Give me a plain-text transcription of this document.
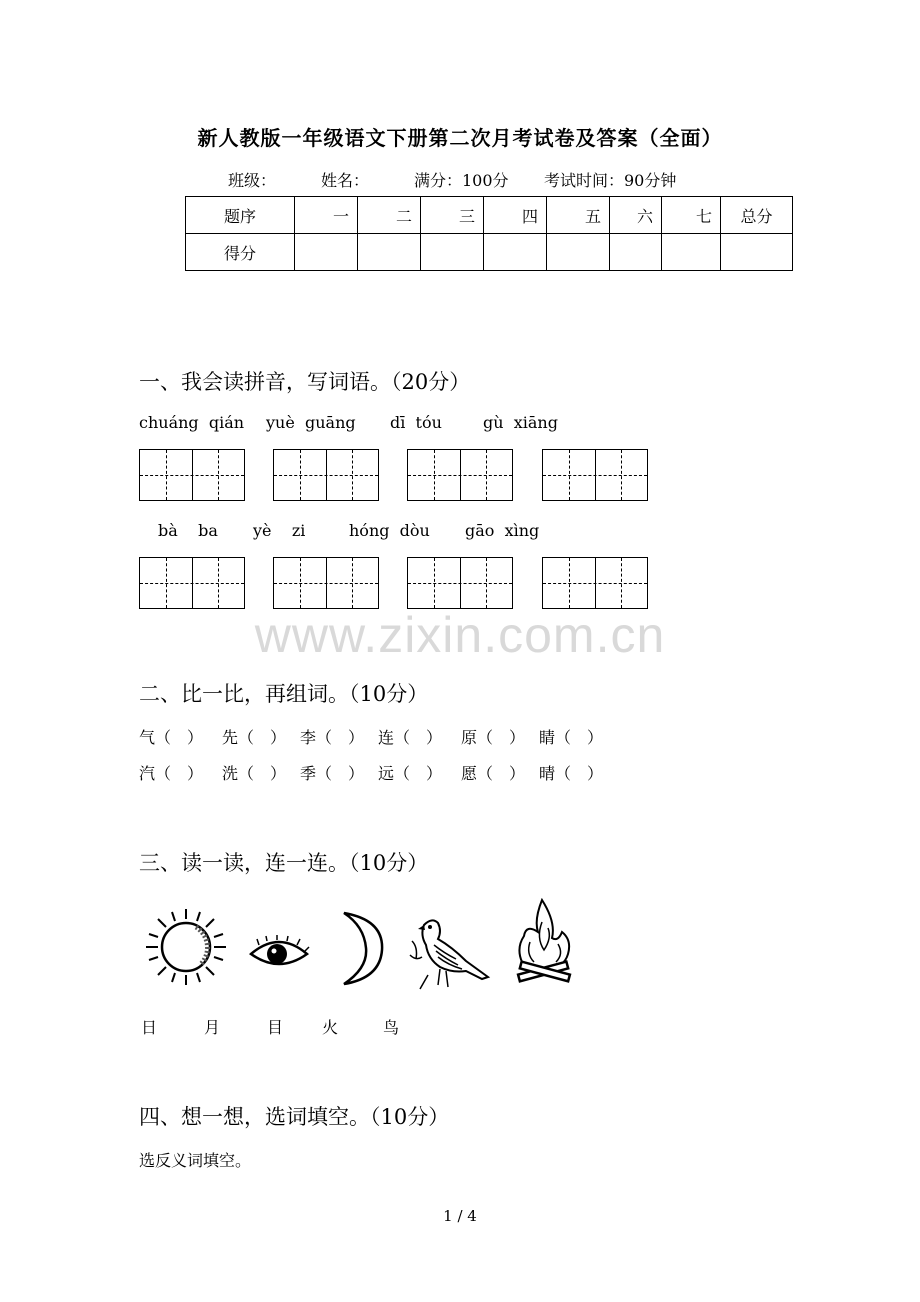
新人教版一年级语文下册第二次月考试卷及答案（全面）
班级：	姓名：	满分：100分 考试时间：90分钟
题序	一	二	三	四	五	六	七	总分
得分								
一、我会读拼音，写词语。（20分）
chuáng  qián yuè  guāng dī  tóu	gù  xiāng
bà    ba yè    zi	hóng  dòu gāo  xìng
www.zixin.com.cn
二、比一比，再组词。（10分）
气（　） 先（　） 李（　） 连（　） 原（　） 睛（　）
汽（　） 洗（　） 季（　） 远（　） 愿（　） 晴（　）
三、读一读，连一连。（10分）
日	月	目 火	鸟
四、想一想，选词填空。（10分）
选反义词填空。
1 / 4
